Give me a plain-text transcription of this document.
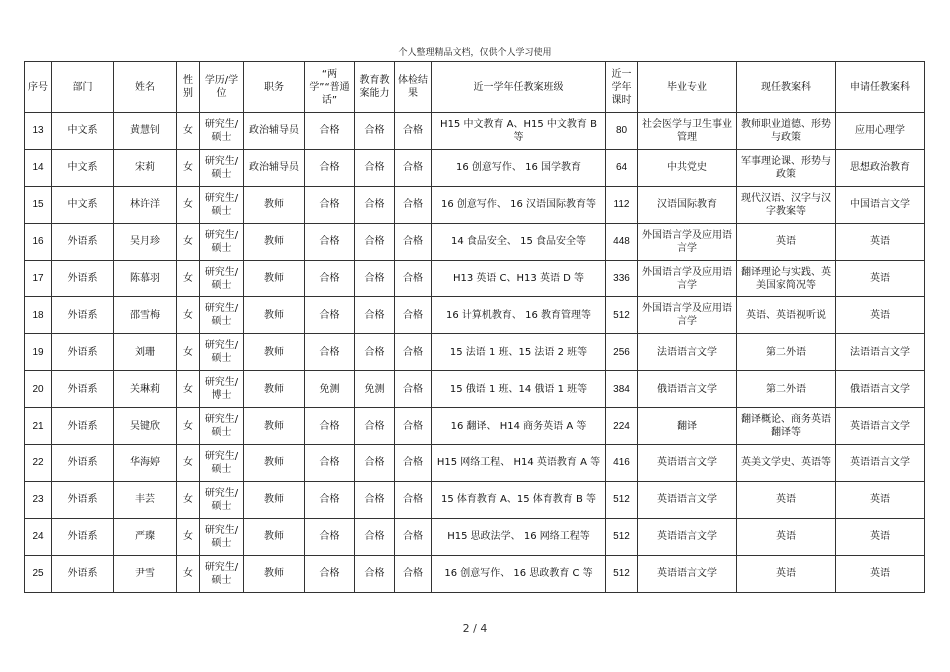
个人整理精品文档，仅供个人学习使用
序号	部门	姓名	性别	学历/学位	职务	“两学”“普通话”	教育教案能力	体检结果	近一学年任教案班级	近一学年课时	毕业专业	现任教案科	申请任教案科
13	中文系	黄慧钊	女	研究生/硕士	政治辅导员	合格	合格	合格	H15 中文教育 A、H15 中文教育 B 等	80	社会医学与卫生事业管理	教师职业道德、形势与政策	应用心理学
14	中文系	宋莉	女	研究生/硕士	政治辅导员	合格	合格	合格	16 创意写作、 16 国学教育	64	中共党史	军事理论课、形势与政策	思想政治教育
15	中文系	林许洋	女	研究生/硕士	教师	合格	合格	合格	16 创意写作、 16 汉语国际教育等	112	汉语国际教育	现代汉语、汉字与汉字教案等	中国语言文学
16	外语系	吴月珍	女	研究生/硕士	教师	合格	合格	合格	14 食品安全、 15 食品安全等	448	外国语言学及应用语言学	英语	英语
17	外语系	陈慕羽	女	研究生/硕士	教师	合格	合格	合格	H13 英语 C、H13 英语 D 等	336	外国语言学及应用语言学	翻译理论与实践、英美国家简况等	英语
18	外语系	邵雪梅	女	研究生/硕士	教师	合格	合格	合格	16 计算机教育、 16 教育管理等	512	外国语言学及应用语言学	英语、英语视听说	英语
19	外语系	刘珊	女	研究生/硕士	教师	合格	合格	合格	15 法语 1 班、15 法语 2 班等	256	法语语言文学	第二外语	法语语言文学
20	外语系	关琳莉	女	研究生/博士	教师	免测	免测	合格	15 俄语 1 班、14 俄语 1 班等	384	俄语语言文学	第二外语	俄语语言文学
21	外语系	吴键欣	女	研究生/硕士	教师	合格	合格	合格	16 翻译、 H14 商务英语 A 等	224	翻译	翻译概论、商务英语翻译等	英语语言文学
22	外语系	华海婷	女	研究生/硕士	教师	合格	合格	合格	H15 网络工程、 H14 英语教育 A 等	416	英语语言文学	英美文学史、英语等	英语语言文学
23	外语系	丰芸	女	研究生/硕士	教师	合格	合格	合格	15 体育教育 A、15 体育教育 B 等	512	英语语言文学	英语	英语
24	外语系	严璨	女	研究生/硕士	教师	合格	合格	合格	H15 思政法学、 16 网络工程等	512	英语语言文学	英语	英语
25	外语系	尹雪	女	研究生/硕士	教师	合格	合格	合格	16 创意写作、 16 思政教育 C 等	512	英语语言文学	英语	英语
2 / 4
